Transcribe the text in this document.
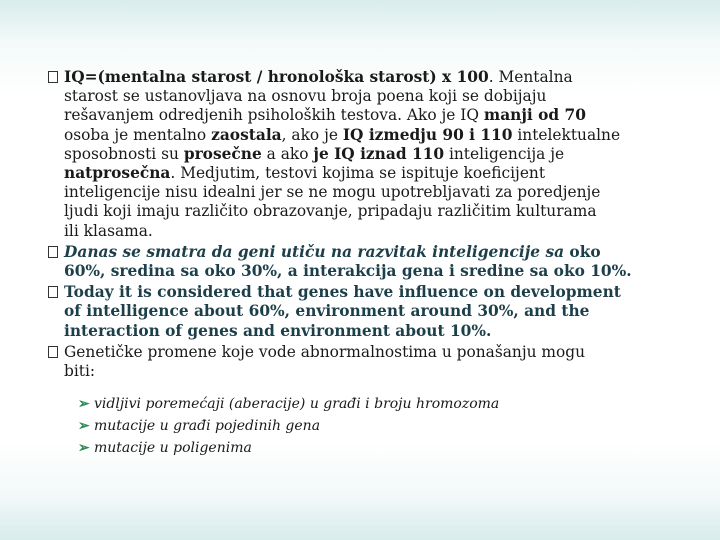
IQ=(mentalna starost / hronološka starost) x 100. Mentalna
starost se ustanovljava na osnovu broja poena koji se dobijaju
rešavanjem odredjenih psiholoških testova. Ako je IQ manji od 70
osoba je mentalno zaostala, ako je IQ izmedju 90 i 110 intelektualne
sposobnosti su prosečne a ako je IQ iznad 110 inteligencija je
natprosečna. Medjutim, testovi kojima se ispituje koeficijent
inteligencije nisu idealni jer se ne mogu upotrebljavati za poredjenje
ljudi koji imaju različito obrazovanje, pripadaju različitim kulturama
ili klasama.
Danas se smatra da geni utiču na razvitak inteligencije sa oko
60%, sredina sa oko 30%, a interakcija gena i sredine sa oko 10%.
Today it is considered that genes have influence on development
of intelligence about 60%, environment around 30%, and the
interaction of genes and environment about 10%.
Genetičke promene koje vode abnormalnostima u ponašanju mogu
biti:
➢ vidljivi poremećaji (aberacije) u građi i broju hromozoma
➢ mutacije u građi pojedinih gena
➢ mutacije u poligenima
